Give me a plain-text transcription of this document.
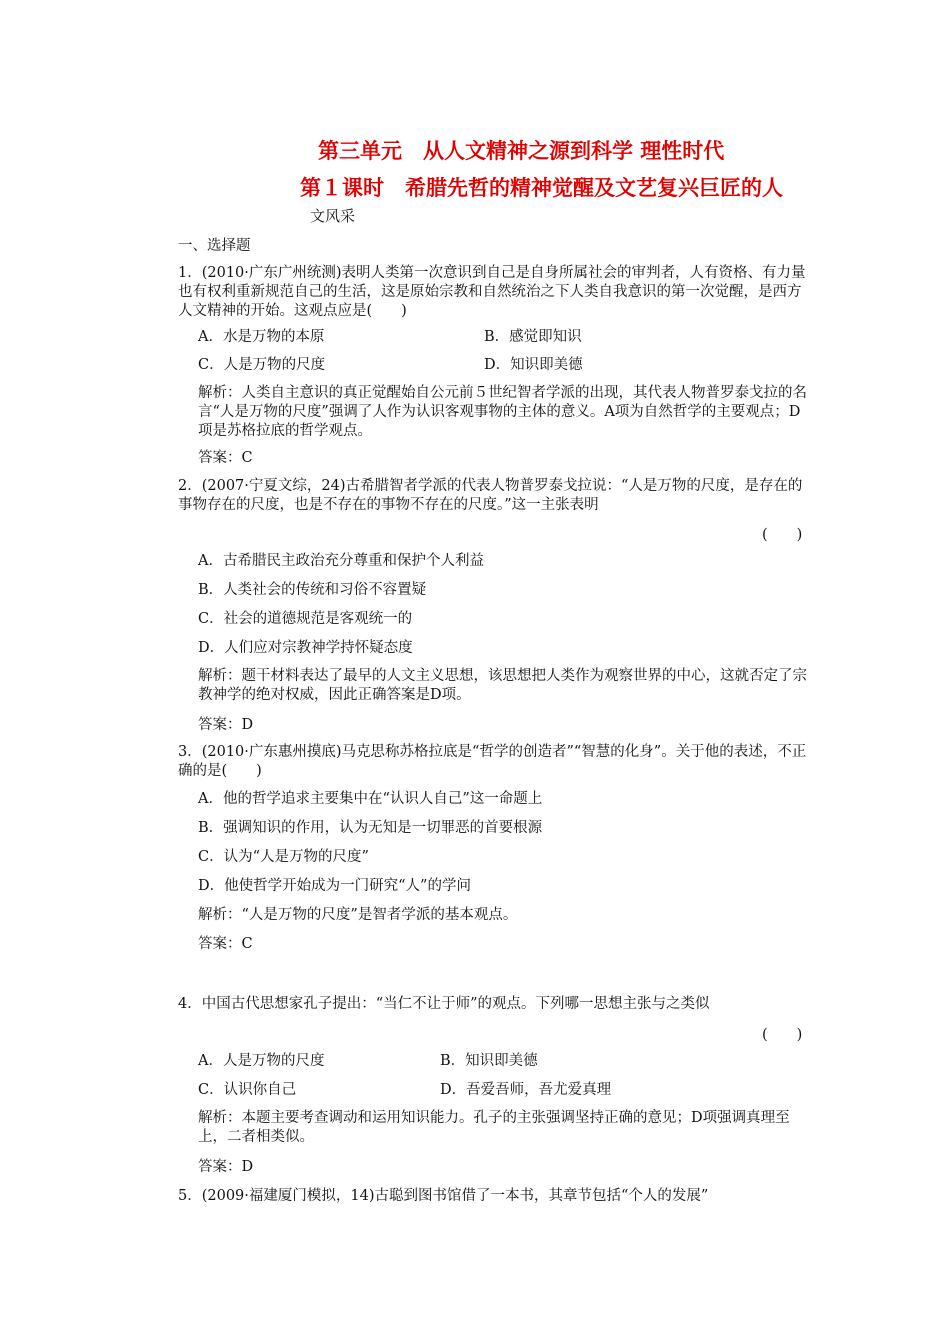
第三单元　从人文精神之源到科学 理性时代
第１课时　希腊先哲的精神觉醒及文艺复兴巨匠的人
文风采
一、选择题
1．(2010·广东广州统测)表明人类第一次意识到自己是自身所属社会的审判者，人有资格、有力量也有权利重新规范自己的生活，这是原始宗教和自然统治之下人类自我意识的第一次觉醒，是西方人文精神的开始。这观点应是(　　)
A．水是万物的本原	B．感觉即知识
C．人是万物的尺度	D．知识即美德
解析：人类自主意识的真正觉醒始自公元前５世纪智者学派的出现，其代表人物普罗泰戈拉的名言“人是万物的尺度”强调了人作为认识客观事物的主体的意义。A项为自然哲学的主要观点；D项是苏格拉底的哲学观点。
答案：C
2．(2007·宁夏文综，24)古希腊智者学派的代表人物普罗泰戈拉说：“人是万物的尺度，是存在的事物存在的尺度，也是不存在的事物不存在的尺度。”这一主张表明
(　　)
A．古希腊民主政治充分尊重和保护个人利益
B．人类社会的传统和习俗不容置疑
C．社会的道德规范是客观统一的
D．人们应对宗教神学持怀疑态度
解析：题干材料表达了最早的人文主义思想，该思想把人类作为观察世界的中心，这就否定了宗教神学的绝对权威，因此正确答案是D项。
答案：D
3．(2010·广东惠州摸底)马克思称苏格拉底是“哲学的创造者”“智慧的化身”。关于他的表述，不正确的是(　　)
A．他的哲学追求主要集中在“认识人自己”这一命题上
B．强调知识的作用，认为无知是一切罪恶的首要根源
C．认为“人是万物的尺度”
D．他使哲学开始成为一门研究“人”的学问
解析：“人是万物的尺度”是智者学派的基本观点。
答案：C
4．中国古代思想家孔子提出：“当仁不让于师”的观点。下列哪一思想主张与之类似
(　　)
A．人是万物的尺度	B．知识即美德
C．认识你自己	D．吾爱吾师，吾尤爱真理
解析：本题主要考查调动和运用知识能力。孔子的主张强调坚持正确的意见；D项强调真理至上，二者相类似。
答案：D
5．(2009·福建厦门模拟，14)古聪到图书馆借了一本书，其章节包括“个人的发展”
